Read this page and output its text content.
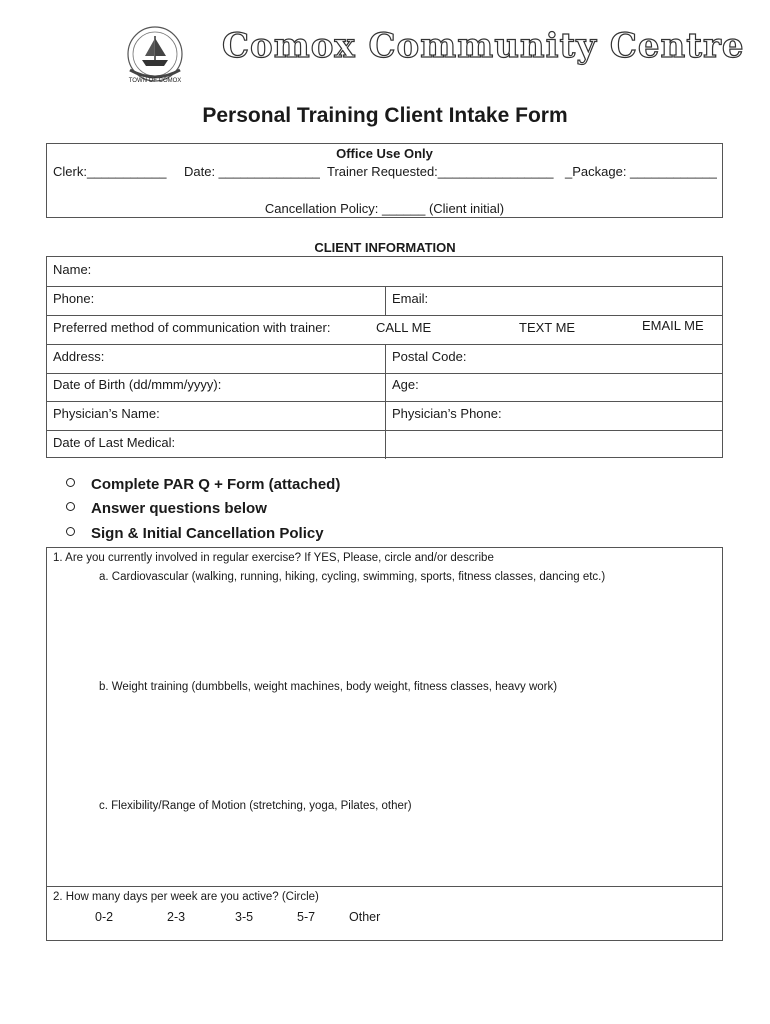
TOWN OF COMOX
Comox Community Centre
Personal Training Client Intake Form
Office Use Only
Clerk:___________ Date: ______________ Trainer Requested:________________ _Package: ____________
Cancellation Policy: ______ (Client initial)
CLIENT INFORMATION
Name:
Phone:	Email:
Preferred method of communication with trainer:	CALL ME	TEXT ME	EMAIL ME
Address:	Postal Code:
Date of Birth (dd/mmm/yyyy):	Age:
Physician’s Name:	Physician’s Phone:
Date of Last Medical:
Complete PAR Q + Form (attached)
Answer questions below
Sign & Initial Cancellation Policy
1. Are you currently involved in regular exercise? If YES, Please, circle and/or describe
a. Cardiovascular (walking, running, hiking, cycling, swimming, sports, fitness classes, dancing etc.)
b. Weight training (dumbbells, weight machines, body weight, fitness classes, heavy work)
c. Flexibility/Range of Motion (stretching, yoga, Pilates, other)
2. How many days per week are you active? (Circle)
0-2	2-3	3-5	5-7	Other
